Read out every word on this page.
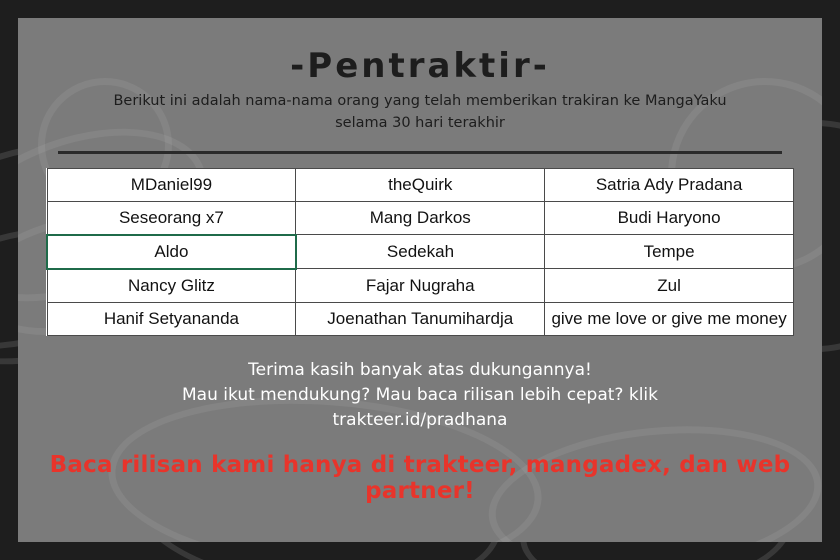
-Pentraktir-
Berikut ini adalah nama-nama orang yang telah memberikan trakiran ke MangaYaku
selama 30 hari terakhir
MDaniel99	theQuirk	Satria Ady Pradana
Seseorang x7	Mang Darkos	Budi Haryono
Aldo	Sedekah	Tempe
Nancy Glitz	Fajar Nugraha	Zul
Hanif Setyananda	Joenathan Tanumihardja	give me love or give me money
Terima kasih banyak atas dukungannya!
Mau ikut mendukung? Mau baca rilisan lebih cepat? klik
trakteer.id/pradhana
Baca rilisan kami hanya di trakteer, mangadex, dan web partner!
